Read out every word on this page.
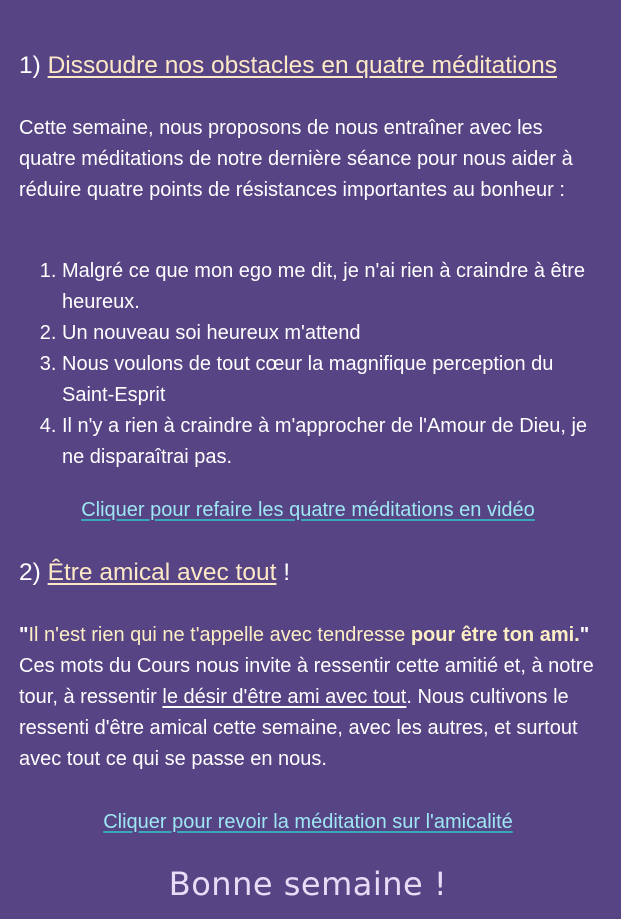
1) Dissoudre nos obstacles en quatre méditations

Cette semaine, nous proposons de nous entraîner avec les quatre méditations de notre dernière séance pour nous aider à réduire quatre points de résistances importantes au bonheur :

1. Malgré ce que mon ego me dit, je n'ai rien à craindre à être heureux.
2. Un nouveau soi heureux m'attend
3. Nous voulons de tout cœur la magnifique perception du Saint-Esprit
4. Il n'y a rien à craindre à m'approcher de l'Amour de Dieu, je ne disparaîtrai pas.
Cliquer pour refaire les quatre méditations en vidéo
2) Être amical avec tout !

"Il n'est rien qui ne t'appelle avec tendresse pour être ton ami." Ces mots du Cours nous invite à ressentir cette amitié et, à notre tour, à ressentir le désir d'être ami avec tout. Nous cultivons le ressenti d'être amical cette semaine, avec les autres, et surtout avec tout ce qui se passe en nous.

Cliquer pour revoir la méditation sur l'amicalité
Bonne semaine !
